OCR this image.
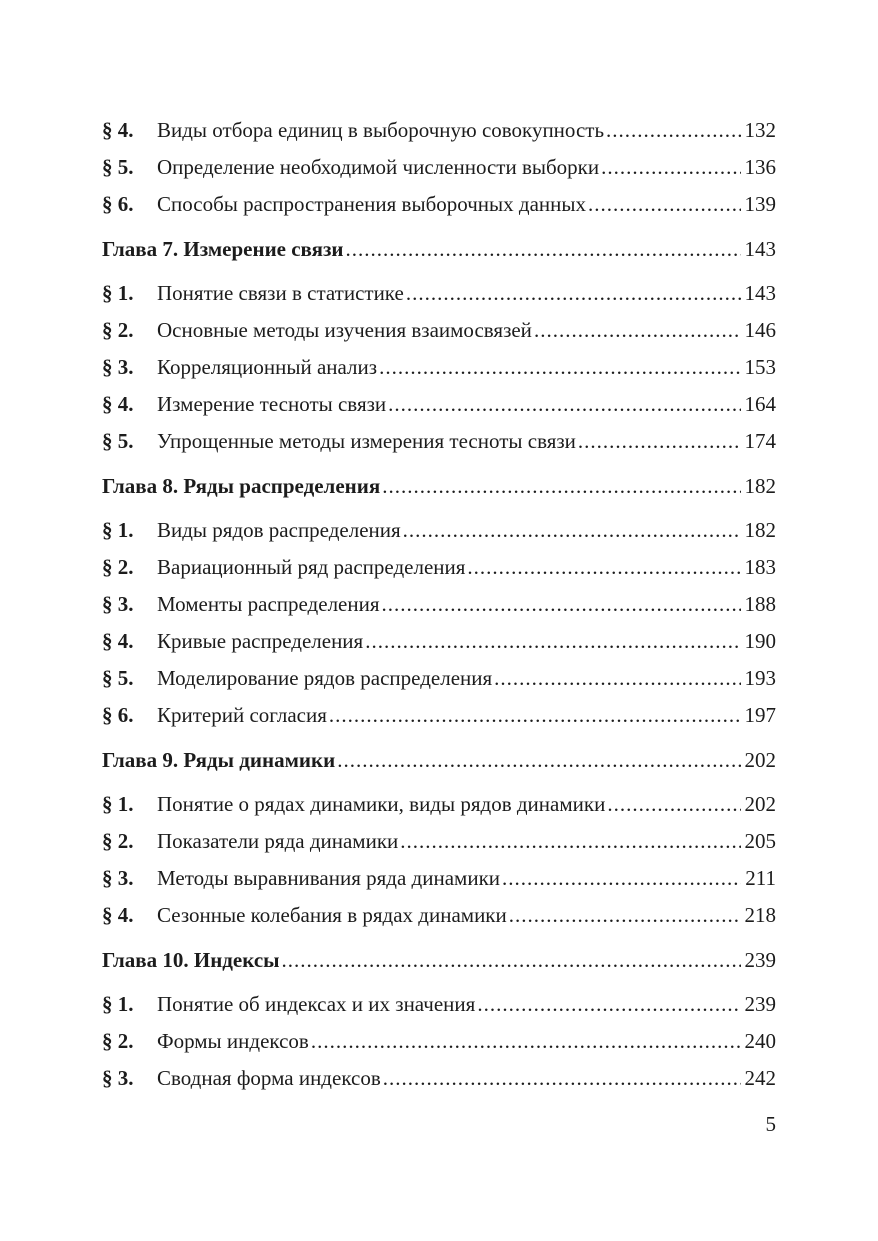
§ 4.	Виды отбора единиц в выборочную совокупность .....	132
§ 5.	Определение необходимой численности выборки .....	136
§ 6.	Способы распространения выборочных данных .....	139
Глава 7. Измерение связи .....	143
§ 1.	Понятие связи в статистике .....	143
§ 2.	Основные методы изучения взаимосвязей .....	146
§ 3.	Корреляционный анализ .....	153
§ 4.	Измерение тесноты связи .....	164
§ 5.	Упрощенные методы измерения тесноты связи .....	174
Глава 8. Ряды распределения .....	182
§ 1.	Виды рядов распределения .....	182
§ 2.	Вариационный ряд распределения .....	183
§ 3.	Моменты распределения .....	188
§ 4.	Кривые распределения .....	190
§ 5.	Моделирование рядов распределения .....	193
§ 6.	Критерий согласия .....	197
Глава 9. Ряды динамики .....	202
§ 1.	Понятие о рядах динамики, виды рядов динамики .....	202
§ 2.	Показатели ряда динамики .....	205
§ 3.	Методы выравнивания ряда динамики .....	211
§ 4.	Сезонные колебания в рядах динамики .....	218
Глава 10. Индексы .....	239
§ 1.	Понятие об индексах и их значения .....	239
§ 2.	Формы индексов .....	240
§ 3.	Сводная форма индексов .....	242
5
